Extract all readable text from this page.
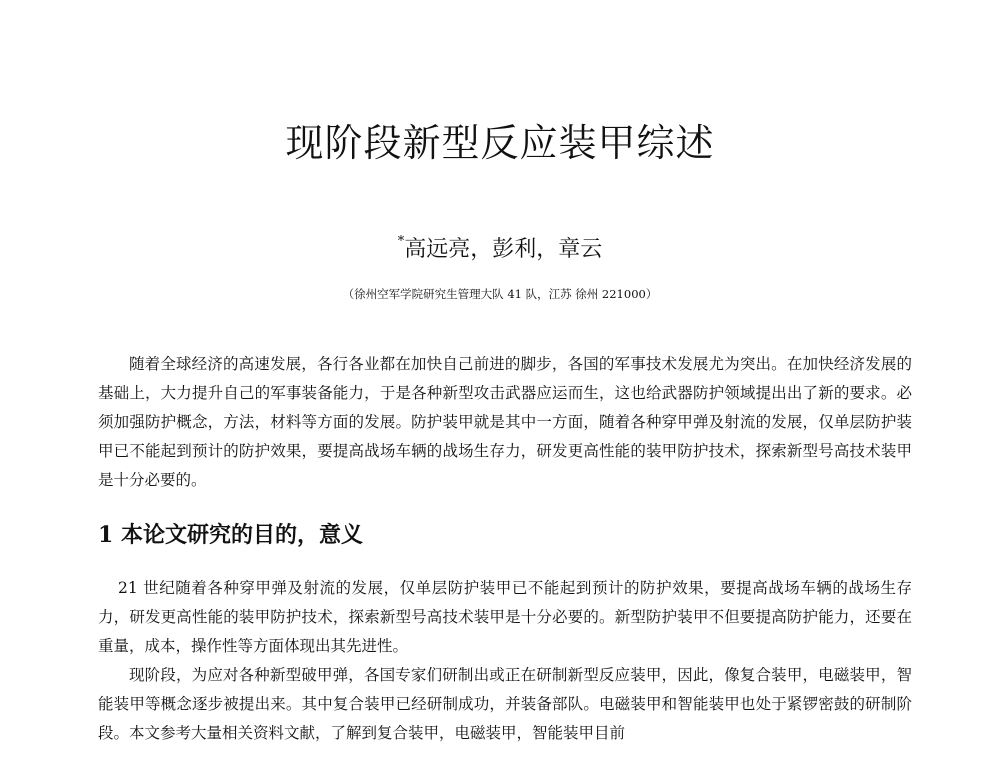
现阶段新型反应装甲综述

*高远亮，彭利，章云

（徐州空军学院研究生管理大队 41 队，江苏 徐州 221000）

随着全球经济的高速发展，各行各业都在加快自己前进的脚步，各国的军事技术发展尤为突出。在加快经济发展的基础上，大力提升自己的军事装备能力，于是各种新型攻击武器应运而生，这也给武器防护领域提出出了新的要求。必须加强防护概念，方法，材料等方面的发展。防护装甲就是其中一方面，随着各种穿甲弹及射流的发展，仅单层防护装甲已不能起到预计的防护效果，要提高战场车辆的战场生存力，研发更高性能的装甲防护技术，探索新型号高技术装甲是十分必要的。

1 本论文研究的目的，意义

21 世纪随着各种穿甲弹及射流的发展，仅单层防护装甲已不能起到预计的防护效果，要提高战场车辆的战场生存力，研发更高性能的装甲防护技术，探索新型号高技术装甲是十分必要的。新型防护装甲不但要提高防护能力，还要在重量，成本，操作性等方面体现出其先进性。

现阶段，为应对各种新型破甲弹，各国专家们研制出或正在研制新型反应装甲，因此，像复合装甲，电磁装甲，智能装甲等概念逐步被提出来。其中复合装甲已经研制成功，并装备部队。电磁装甲和智能装甲也处于紧锣密鼓的研制阶段。本文参考大量相关资料文献，了解到复合装甲，电磁装甲，智能装甲目前
